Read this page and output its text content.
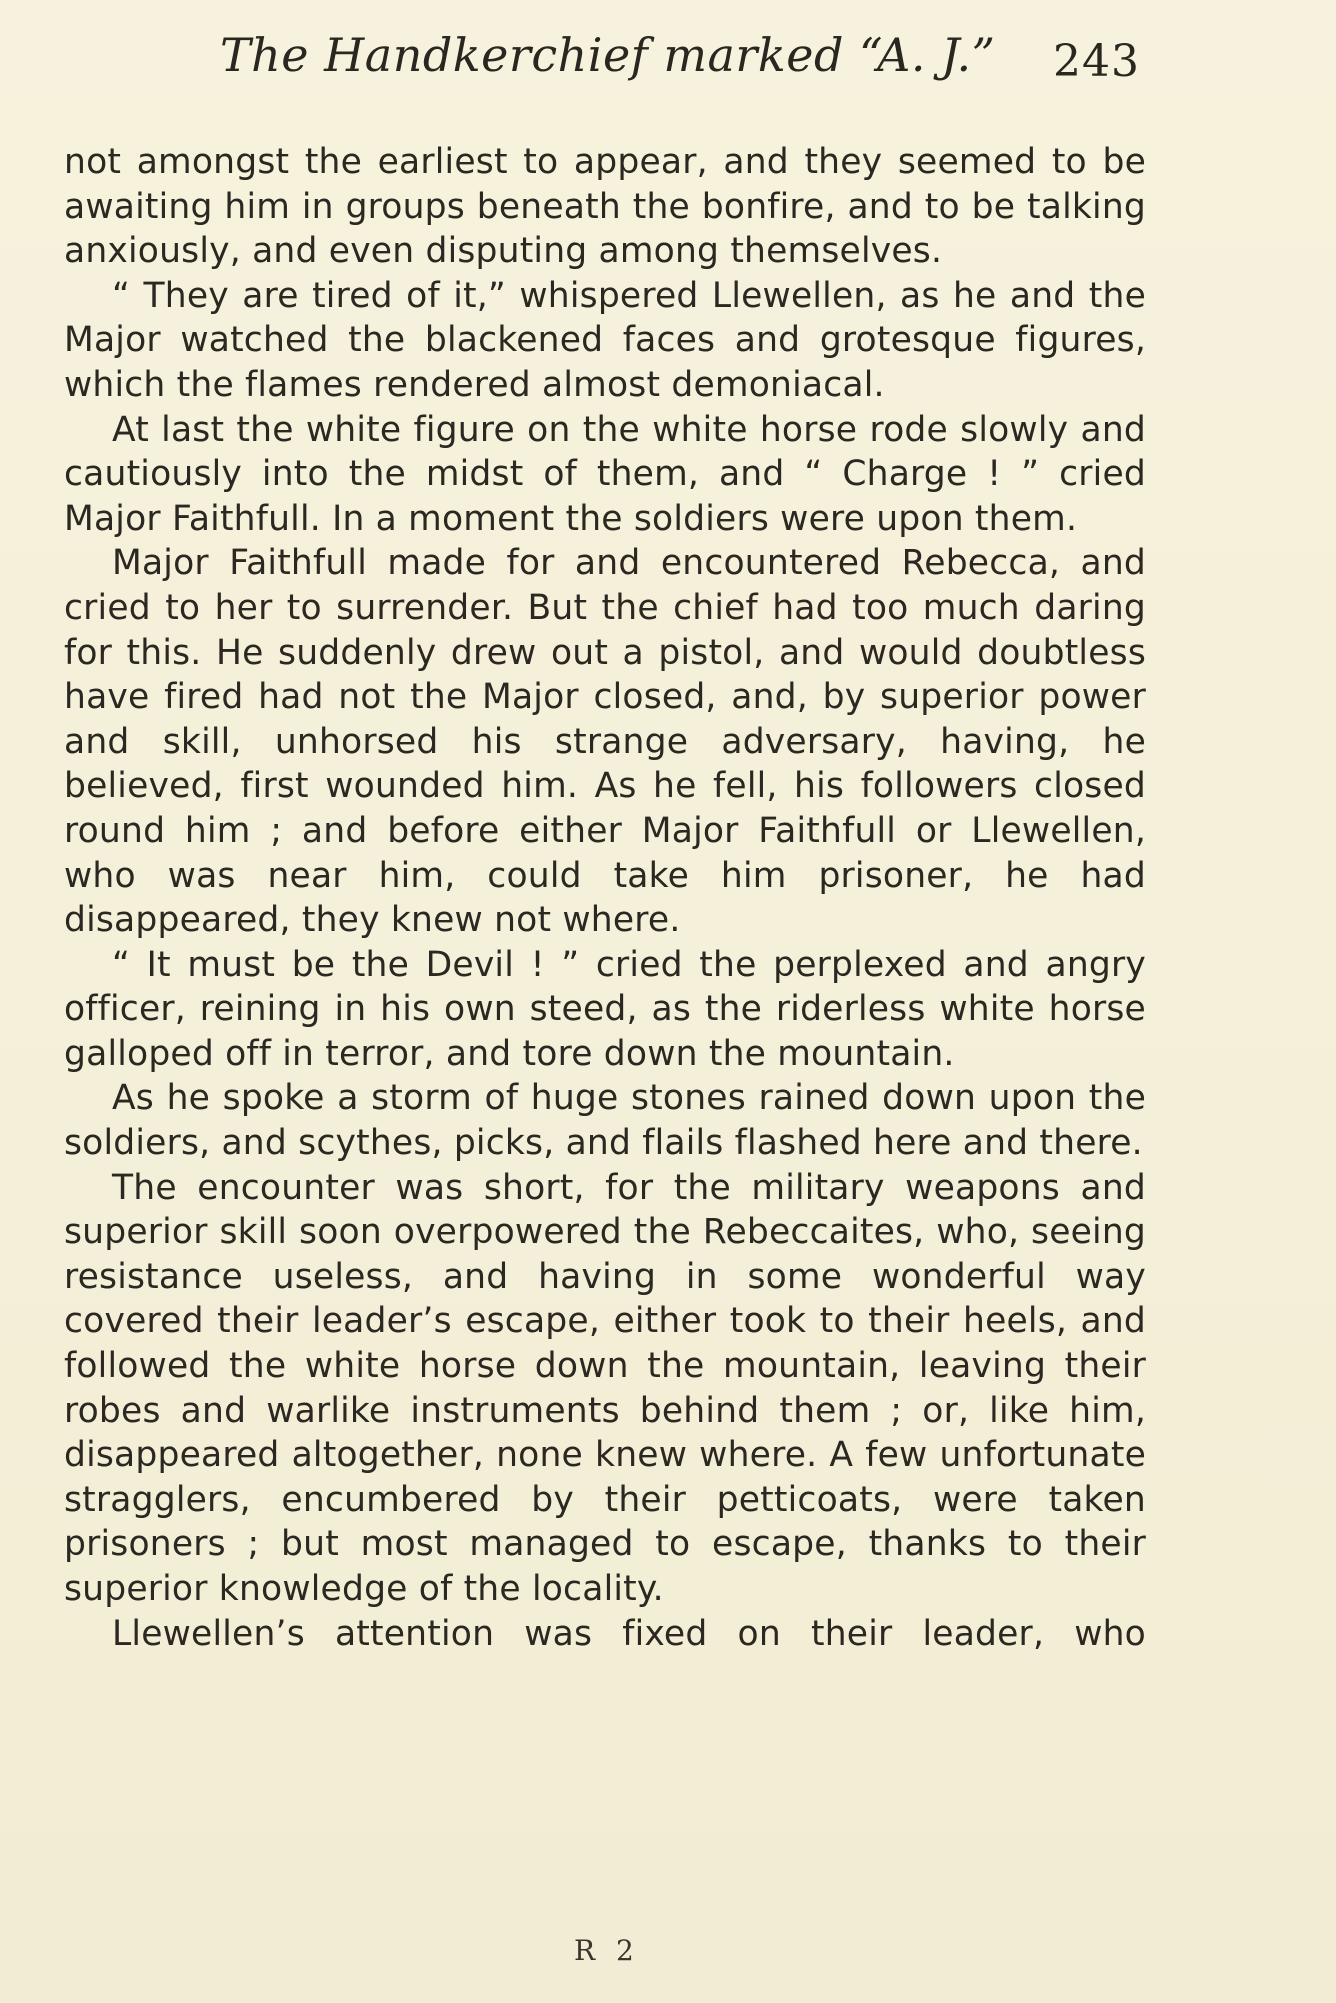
The Handkerchief marked “A. J.” 243

not amongst the earliest to appear, and they seemed to be awaiting him in groups beneath the bonfire, and to be talking anxiously, and even disputing among themselves.

“ They are tired of it,” whispered Llewellen, as he and the Major watched the blackened faces and grotesque figures, which the flames rendered almost demoniacal.

At last the white figure on the white horse rode slowly and cautiously into the midst of them, and “ Charge ! ” cried Major Faithfull. In a moment the soldiers were upon them.

Major Faithfull made for and encountered Rebecca, and cried to her to surrender. But the chief had too much daring for this. He suddenly drew out a pistol, and would doubtless have fired had not the Major closed, and, by superior power and skill, unhorsed his strange adversary, having, he believed, first wounded him. As he fell, his followers closed round him ; and before either Major Faithfull or Llewellen, who was near him, could take him prisoner, he had disappeared, they knew not where.

“ It must be the Devil ! ” cried the perplexed and angry officer, reining in his own steed, as the riderless white horse galloped off in terror, and tore down the mountain.

As he spoke a storm of huge stones rained down upon the soldiers, and scythes, picks, and flails flashed here and there.

The encounter was short, for the military weapons and superior skill soon overpowered the Rebeccaites, who, seeing resistance useless, and having in some wonderful way covered their leader’s escape, either took to their heels, and followed the white horse down the mountain, leaving their robes and warlike instruments behind them ; or, like him, disappeared altogether, none knew where. A few unfortunate stragglers, encumbered by their petticoats, were taken prisoners ; but most managed to escape, thanks to their superior knowledge of the locality.

Llewellen’s attention was fixed on their leader, who

R 2
